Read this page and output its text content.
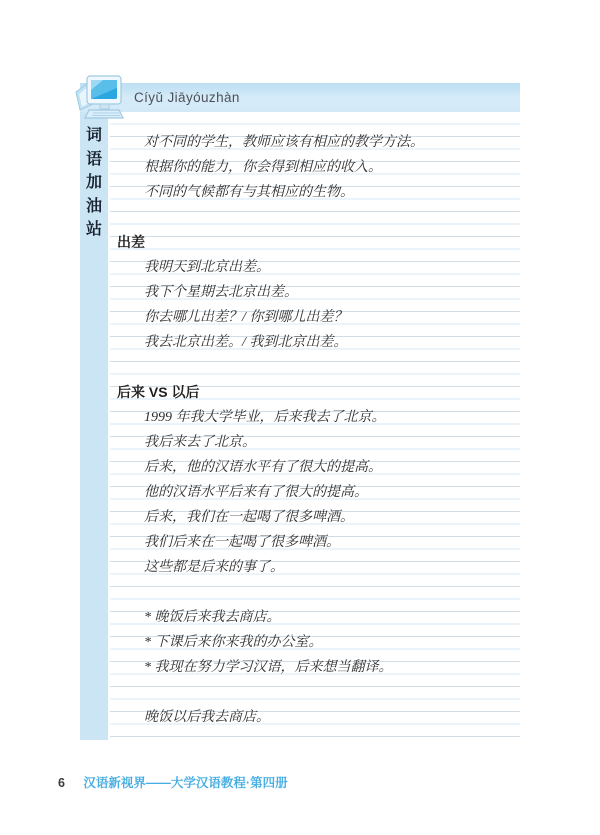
Cíyǔ Jiāyóuzhàn
词
语
加
油
站
对不同的学生，教师应该有相应的教学方法。
根据你的能力，你会得到相应的收入。
不同的气候都有与其相应的生物。
出差
我明天到北京出差。
我下个星期去北京出差。
你去哪儿出差？/ 你到哪儿出差？
我去北京出差。/ 我到北京出差。
后来 VS 以后
1999 年我大学毕业，后来我去了北京。
我后来去了北京。
后来，他的汉语水平有了很大的提高。
他的汉语水平后来有了很大的提高。
后来，我们在一起喝了很多啤酒。
我们后来在一起喝了很多啤酒。
这些都是后来的事了。
* 晚饭后来我去商店。
* 下课后来你来我的办公室。
* 我现在努力学习汉语，后来想当翻译。
晚饭以后我去商店。
6 汉语新视界——大学汉语教程·第四册
